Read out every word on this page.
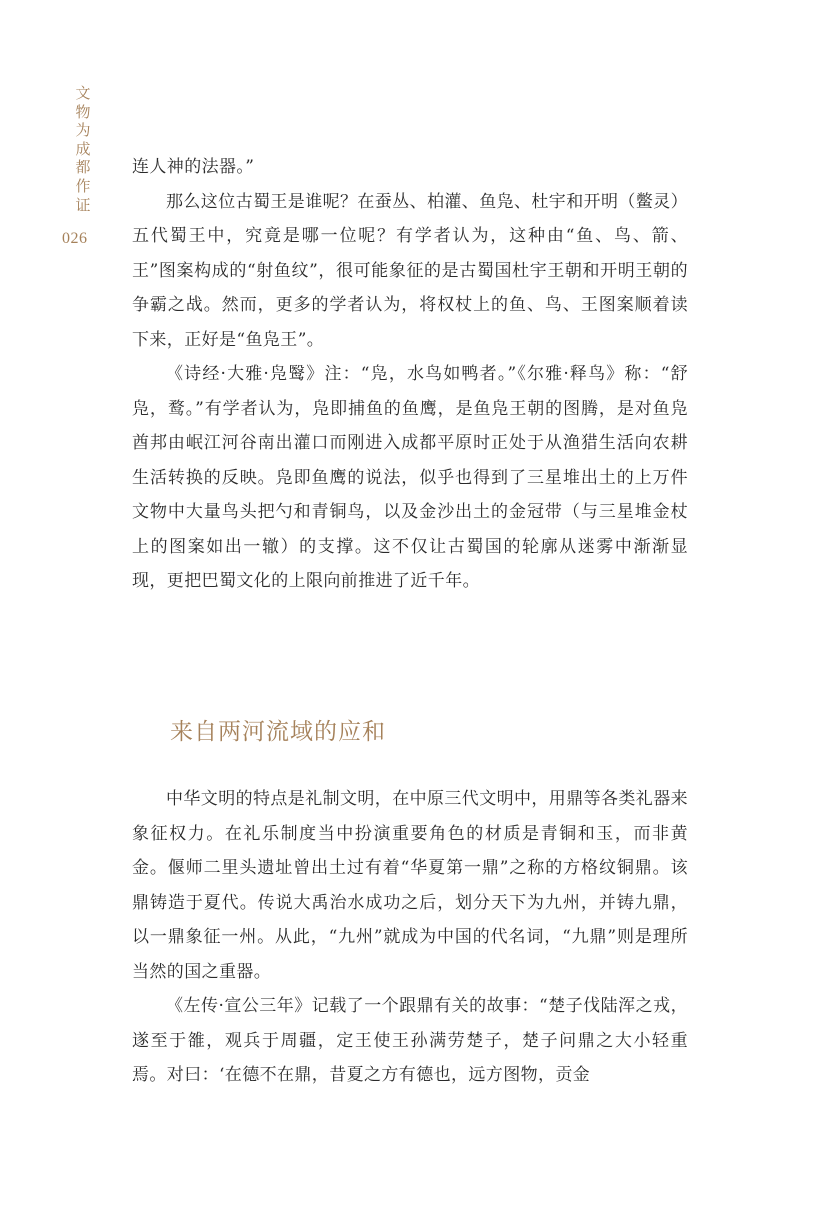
文物为成都作证
026

连人神的法器。”

那么这位古蜀王是谁呢？在蚕丛、柏灌、鱼凫、杜宇和开明（鳖灵）五代蜀王中，究竟是哪一位呢？有学者认为，这种由“鱼、鸟、箭、王”图案构成的“射鱼纹”，很可能象征的是古蜀国杜宇王朝和开明王朝的争霸之战。然而，更多的学者认为，将权杖上的鱼、鸟、王图案顺着读下来，正好是“鱼凫王”。

《诗经·大雅·凫鹥》注：“凫，水鸟如鸭者。”《尔雅·释鸟》称：“舒凫，鹜。”有学者认为，凫即捕鱼的鱼鹰，是鱼凫王朝的图腾，是对鱼凫酋邦由岷江河谷南出灌口而刚进入成都平原时正处于从渔猎生活向农耕生活转换的反映。凫即鱼鹰的说法，似乎也得到了三星堆出土的上万件文物中大量鸟头把勺和青铜鸟，以及金沙出土的金冠带（与三星堆金杖上的图案如出一辙）的支撑。这不仅让古蜀国的轮廓从迷雾中渐渐显现，更把巴蜀文化的上限向前推进了近千年。

来自两河流域的应和

中华文明的特点是礼制文明，在中原三代文明中，用鼎等各类礼器来象征权力。在礼乐制度当中扮演重要角色的材质是青铜和玉，而非黄金。偃师二里头遗址曾出土过有着“华夏第一鼎”之称的方格纹铜鼎。该鼎铸造于夏代。传说大禹治水成功之后，划分天下为九州，并铸九鼎，以一鼎象征一州。从此，“九州”就成为中国的代名词，“九鼎”则是理所当然的国之重器。

《左传·宣公三年》记载了一个跟鼎有关的故事：“楚子伐陆浑之戎，遂至于雒，观兵于周疆，定王使王孙满劳楚子，楚子问鼎之大小轻重焉。对曰：‘在德不在鼎，昔夏之方有德也，远方图物，贡金
